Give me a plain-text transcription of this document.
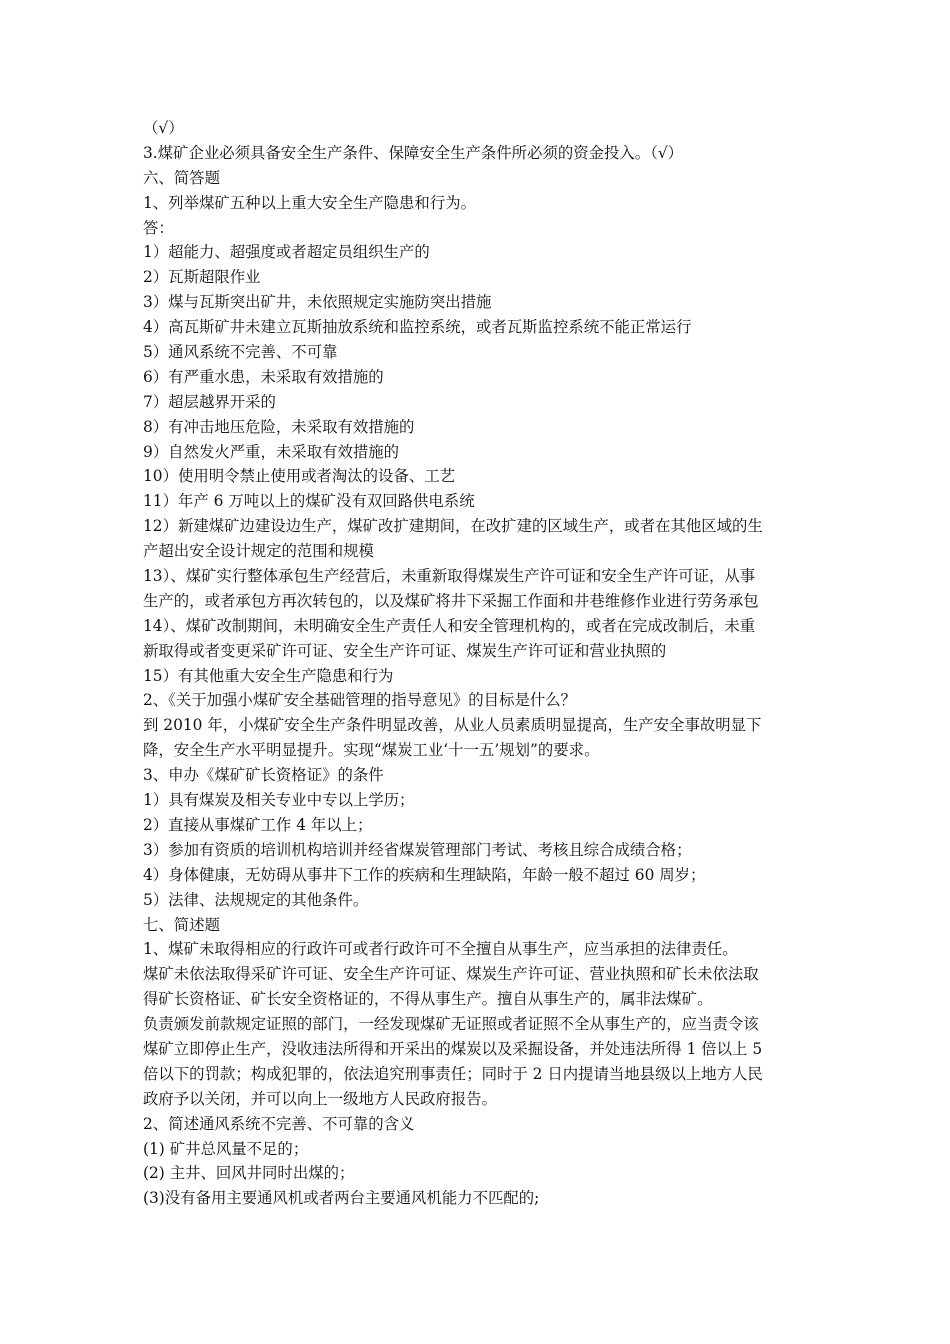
（√）
3.煤矿企业必须具备安全生产条件、保障安全生产条件所必须的资金投入。（√）
六、简答题
1、列举煤矿五种以上重大安全生产隐患和行为。
答：
1）超能力、超强度或者超定员组织生产的
2）瓦斯超限作业
3）煤与瓦斯突出矿井，未依照规定实施防突出措施
4）高瓦斯矿井未建立瓦斯抽放系统和监控系统，或者瓦斯监控系统不能正常运行
5）通风系统不完善、不可靠
6）有严重水患，未采取有效措施的
7）超层越界开采的
8）有冲击地压危险，未采取有效措施的
9）自然发火严重，未采取有效措施的
10）使用明令禁止使用或者淘汰的设备、工艺
11）年产 6 万吨以上的煤矿没有双回路供电系统
12）新建煤矿边建设边生产，煤矿改扩建期间，在改扩建的区域生产，或者在其他区域的生
产超出安全设计规定的范围和规模
13）、煤矿实行整体承包生产经营后，未重新取得煤炭生产许可证和安全生产许可证，从事
生产的，或者承包方再次转包的，以及煤矿将井下采掘工作面和井巷维修作业进行劳务承包
14）、煤矿改制期间，未明确安全生产责任人和安全管理机构的，或者在完成改制后，未重
新取得或者变更采矿许可证、安全生产许可证、煤炭生产许可证和营业执照的
15）有其他重大安全生产隐患和行为
2、《关于加强小煤矿安全基础管理的指导意见》的目标是什么？
到 2010 年，小煤矿安全生产条件明显改善，从业人员素质明显提高，生产安全事故明显下
降，安全生产水平明显提升。实现“煤炭工业‘十一五’规划”的要求。
3、申办《煤矿矿长资格证》的条件
1）具有煤炭及相关专业中专以上学历；
2）直接从事煤矿工作 4 年以上；
3）参加有资质的培训机构培训并经省煤炭管理部门考试、考核且综合成绩合格；
4）身体健康，无妨碍从事井下工作的疾病和生理缺陷，年龄一般不超过 60 周岁；
5）法律、法规规定的其他条件。
七、简述题
1、煤矿未取得相应的行政许可或者行政许可不全擅自从事生产，应当承担的法律责任。
煤矿未依法取得采矿许可证、安全生产许可证、煤炭生产许可证、营业执照和矿长未依法取
得矿长资格证、矿长安全资格证的，不得从事生产。擅自从事生产的，属非法煤矿。
负责颁发前款规定证照的部门，一经发现煤矿无证照或者证照不全从事生产的，应当责令该
煤矿立即停止生产，没收违法所得和开采出的煤炭以及采掘设备，并处违法所得 1 倍以上 5
倍以下的罚款；构成犯罪的，依法追究刑事责任；同时于 2 日内提请当地县级以上地方人民
政府予以关闭，并可以向上一级地方人民政府报告。
2、简述通风系统不完善、不可靠的含义
(1) 矿井总风量不足的；
(2) 主井、回风井同时出煤的；
(3)没有备用主要通风机或者两台主要通风机能力不匹配的;
